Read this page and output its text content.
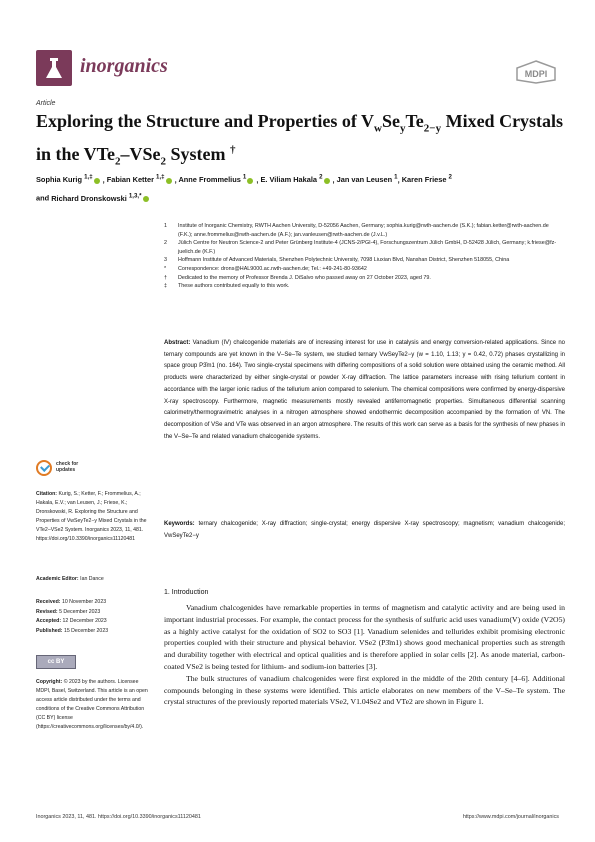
inorganics	MDPI
Article
Exploring the Structure and Properties of $V_wSe_yTe_{2-y}$ Mixed Crystals in the VTe$_2$–VSe$_2$ System †
Sophia Kurig $^{1,\ddagger}$ , Fabian Ketter $^{1,\ddagger}$ , Anne Frommelius $^1$ , E. Viliam Hakala $^2$ , Jan van Leusen $^1$, Karen Friese $^2$
and Richard Dronskowski $^{1,3,*}$
1	Institute of Inorganic Chemistry, RWTH Aachen University, D-52056 Aachen, Germany; sophia.kurig@rwth-aachen.de (S.K.); fabian.ketter@rwth-aachen.de (F.K.); anne.frommelius@rwth-aachen.de (A.F.); jan.vanleusen@rwth-aachen.de (J.v.L.)
2	Jülich Centre for Neutron Science-2 and Peter Grünberg Institute-4 (JCNS-2/PGI-4), Forschungszentrum Jülich GmbH, D-52428 Jülich, Germany; k.friese@fz-juelich.de (K.F.)
3	Hoffmann Institute of Advanced Materials, Shenzhen Polytechnic University, 7098 Liuxian Blvd, Nanshan District, Shenzhen 518055, China
*	Correspondence: drons@HAL9000.ac.rwth-aachen.de; Tel.: +49-241-80-93642
†	Dedicated to the memory of Professor Brenda J. DiSalvo who passed away on 27 October 2023, aged 79.
‡	These authors contributed equally to this work.
Abstract: Vanadium (IV) chalcogenide materials are of increasing interest for use in catalysis and energy conversion-related applications. Since no ternary compounds are yet known in the V–Se–Te system, we studied ternary VwSeyTe2−y (w = 1.10, 1.13; y = 0.42, 0.72) phases crystallizing in space group P3̄m1 (no. 164). Two single-crystal specimens with differing compositions of a solid solution were obtained using the ceramic method. All products were characterized by either single-crystal or powder X-ray diffraction. The lattice parameters increase with rising tellurium content in accordance with the larger ionic radius of the tellurium anion compared to selenium. The chemical compositions were confirmed by energy-dispersive X-ray spectroscopy. Furthermore, magnetic measurements mostly revealed antiferromagnetic properties. Simultaneous differential scanning calorimetry/thermogravimetric analyses in a nitrogen atmosphere showed endothermic decomposition accompanied by the formation of VN. The decomposition of VSe and VTe was observed in an argon atmosphere. The results of this work can serve as a basis for the synthesis of new phases in the V–Se–Te and related vanadium chalcogenide systems.
Keywords: ternary chalcogenide; X-ray diffraction; single-crystal; energy dispersive X-ray spectroscopy; magnetism; vanadium chalcogenide; VwSeyTe2−y
check for
updates
Citation: Kurig, S.; Ketter, F.; Frommelius, A.; Hakala, E.V.; van Leusen, J.; Friese, K.; Dronskowski, R. Exploring the Structure and Properties of VwSeyTe2−y Mixed Crystals in the VTe2–VSe2 System. Inorganics 2023, 11, 481. https://doi.org/10.3390/inorganics11120481
Academic Editor: Ian Dance
Received: 10 November 2023
Revised: 5 December 2023
Accepted: 12 December 2023
Published: 15 December 2023
cc BY
Copyright: © 2023 by the authors. Licensee MDPI, Basel, Switzerland. This article is an open access article distributed under the terms and conditions of the Creative Commons Attribution (CC BY) license (https://creativecommons.org/licenses/by/4.0/).
1. Introduction

Vanadium chalcogenides have remarkable properties in terms of magnetism and catalytic activity and are being used in important industrial processes. For example, the contact process for the synthesis of sulfuric acid uses vanadium(V) oxide (V2O5) as a highly active catalyst for the oxidation of SO2 to SO3 [1]. Vanadium selenides and tellurides exhibit promising electronic properties coupled with their structure and physical behavior. VSe2 (P3̄m1) shows good mechanical properties such as strength and durability together with electrical and optical qualities and is therefore applied in solar cells [2]. As anode material, carbon-coated VSe2 is being tested for lithium- and sodium-ion batteries [3].

The bulk structures of vanadium chalcogenides were first explored in the middle of the 20th century [4–6]. Additional compounds belonging in these systems were identified. This article elaborates on new members of the V–Se–Te system. The crystal structures of the previously reported materials VSe2, V1.04Se2 and VTe2 are shown in Figure 1.

Inorganics 2023, 11, 481. https://doi.org/10.3390/inorganics11120481	https://www.mdpi.com/journal/inorganics
